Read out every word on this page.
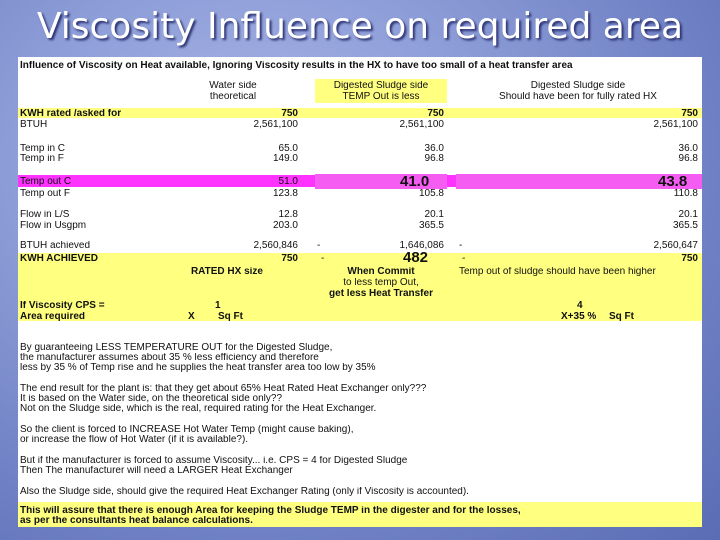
Viscosity Influence on required area
Influence of Viscosity on Heat available, Ignoring Viscosity results in the HX to have too small of a heat transfer area
Water side
theoretical
Digested Sludge side
TEMP Out is less
Digested Sludge side
Should have been for fully rated HX
KWH rated /asked for	750	750	750
BTUH	2,561,100	2,561,100	2,561,100
Temp in C	65.0	36.0	36.0
Temp in F	149.0	96.8	96.8
Temp out C	51.0	41.0	43.8
Temp out F	123.8	105.8	110.8
Flow in L/S	12.8	20.1	20.1
Flow in Usgpm	203.0	365.5	365.5
BTUH achieved	2,560,846 -	1,646,086 -	2,560,647
KWH ACHIEVED	750 -	482	-	750
RATED HX size	When Commit
to less temp Out,
get less Heat Transfer
Temp out of sludge should have been higher
If Viscosity CPS =	1	4
Area required	X Sq Ft	X+35 % Sq Ft
By guaranteeing LESS TEMPERATURE OUT for the Digested Sludge,
the manufacturer assumes about 35 % less efficiency and therefore
less by 35 % of Temp rise and he supplies the heat transfer area too low by 35%
The end result for the plant is: that they get about 65% Heat Rated Heat Exchanger only???
It is based on the Water side, on the theoretical side only??
Not on the Sludge side, which is the real, required rating for the Heat Exchanger.
So the client is forced to INCREASE Hot Water Temp (might cause baking),
or increase the flow of Hot Water (if it is available?).
But if the manufacturer is forced to assume Viscosity... i.e. CPS = 4 for Digested Sludge
Then The manufacturer will need a LARGER Heat Exchanger
Also the Sludge side, should give the required Heat Exchanger Rating (only if Viscosity is accounted).
This will assure that there is enough Area for keeping the Sludge TEMP in the digester and for the losses,
as per the consultants heat balance calculations.
